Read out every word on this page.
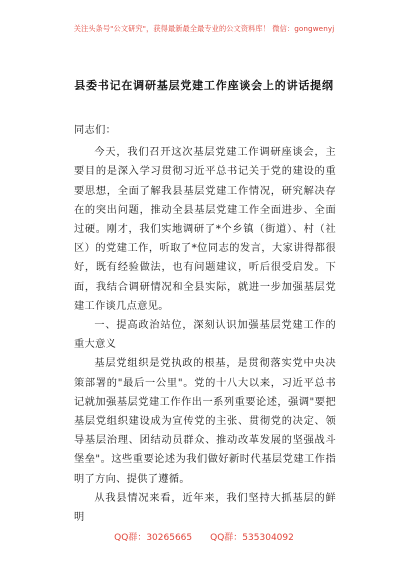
关注头条号"公文研究"，获得最新最全最专业的公文资料库！ 微信：gongwenyj
县委书记在调研基层党建工作座谈会上的讲话提纲

同志们：

今天，我们召开这次基层党建工作调研座谈会，主要目的是深入学习贯彻习近平总书记关于党的建设的重要思想，全面了解我县基层党建工作情况，研究解决存在的突出问题，推动全县基层党建工作全面进步、全面过硬。刚才，我们实地调研了*个乡镇（街道）、村（社区）的党建工作，听取了*位同志的发言，大家讲得都很好，既有经验做法，也有问题建议，听后很受启发。下面，我结合调研情况和全县实际，就进一步加强基层党建工作谈几点意见。

一、提高政治站位，深刻认识加强基层党建工作的重大意义

基层党组织是党执政的根基，是贯彻落实党中央决策部署的"最后一公里"。党的十八大以来，习近平总书记就加强基层党建工作作出一系列重要论述，强调"要把基层党组织建设成为宣传党的主张、贯彻党的决定、领导基层治理、团结动员群众、推动改革发展的坚强战斗堡垒"。这些重要论述为我们做好新时代基层党建工作指明了方向、提供了遵循。

从我县情况来看，近年来，我们坚持大抓基层的鲜明

QQ群：30265665 QQ群：535304092
